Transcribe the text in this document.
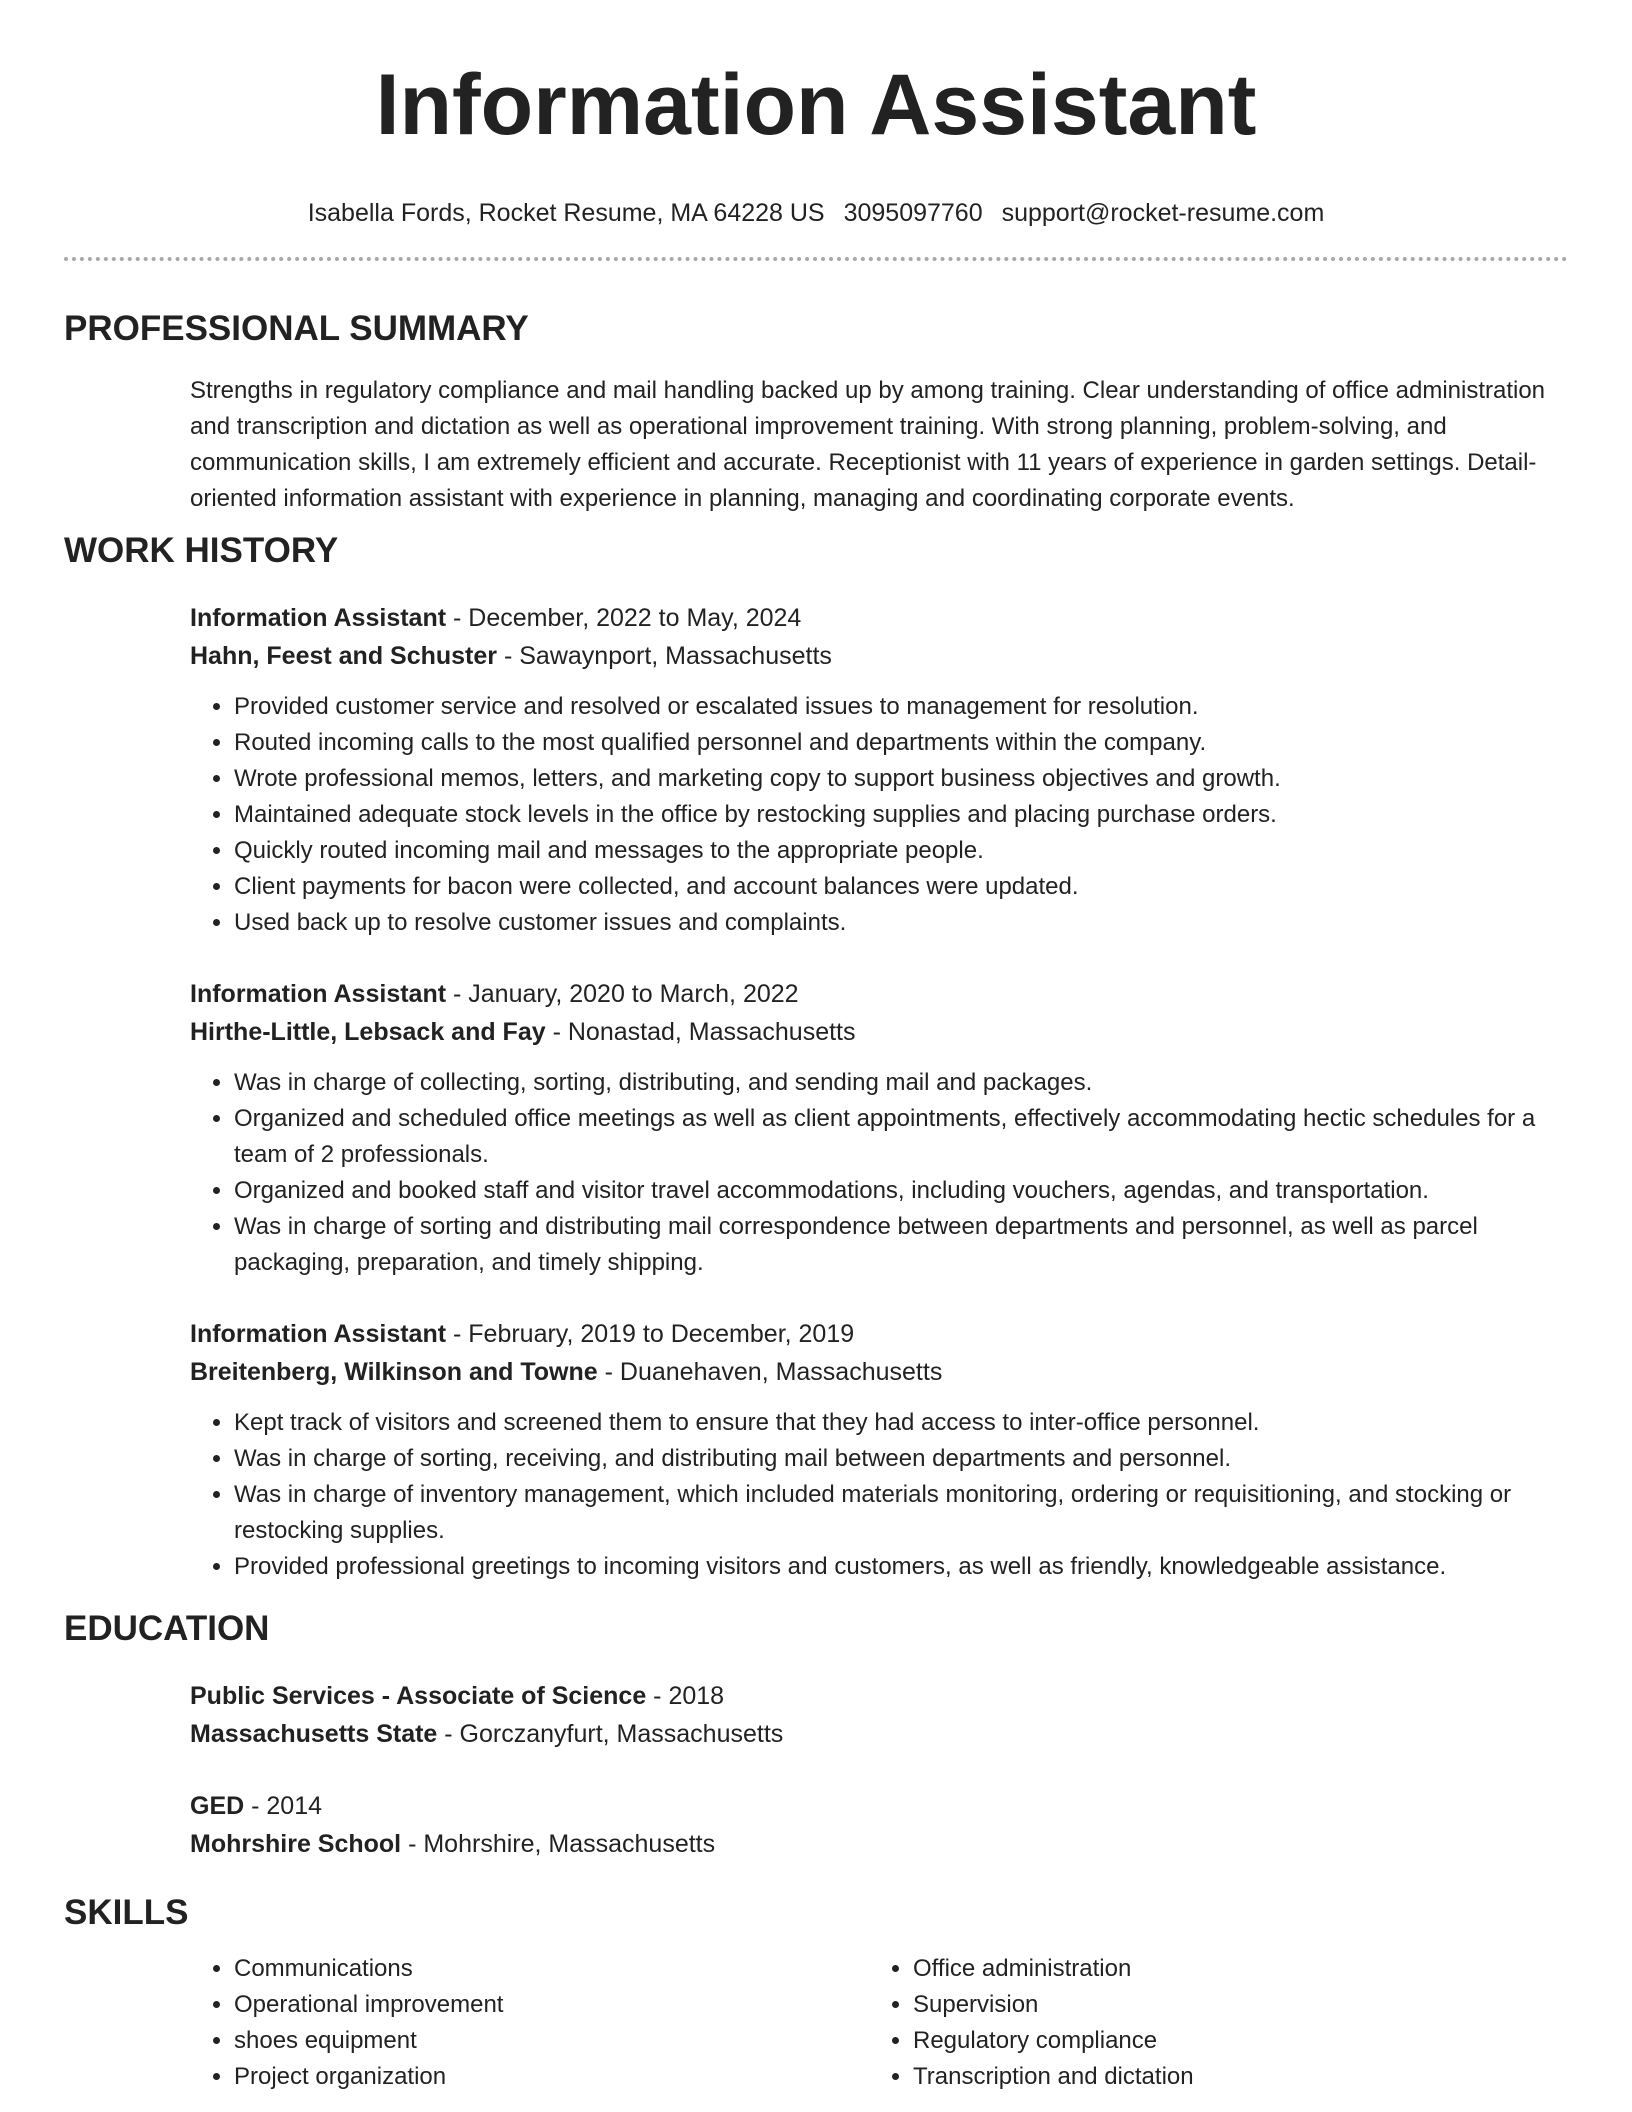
Information Assistant
Isabella Fords, Rocket Resume, MA 64228 US 3095097760 support@rocket-resume.com
PROFESSIONAL SUMMARY
Strengths in regulatory compliance and mail handling backed up by among training. Clear understanding of office administration and transcription and dictation as well as operational improvement training. With strong planning, problem-solving, and communication skills, I am extremely efficient and accurate. Receptionist with 11 years of experience in garden settings. Detail-oriented information assistant with experience in planning, managing and coordinating corporate events.
WORK HISTORY
Information Assistant - December, 2022 to May, 2024
Hahn, Feest and Schuster - Sawaynport, Massachusetts
• Provided customer service and resolved or escalated issues to management for resolution.
• Routed incoming calls to the most qualified personnel and departments within the company.
• Wrote professional memos, letters, and marketing copy to support business objectives and growth.
• Maintained adequate stock levels in the office by restocking supplies and placing purchase orders.
• Quickly routed incoming mail and messages to the appropriate people.
• Client payments for bacon were collected, and account balances were updated.
• Used back up to resolve customer issues and complaints.
Information Assistant - January, 2020 to March, 2022
Hirthe-Little, Lebsack and Fay - Nonastad, Massachusetts
• Was in charge of collecting, sorting, distributing, and sending mail and packages.
• Organized and scheduled office meetings as well as client appointments, effectively accommodating hectic schedules for a team of 2 professionals.
• Organized and booked staff and visitor travel accommodations, including vouchers, agendas, and transportation.
• Was in charge of sorting and distributing mail correspondence between departments and personnel, as well as parcel packaging, preparation, and timely shipping.
Information Assistant - February, 2019 to December, 2019
Breitenberg, Wilkinson and Towne - Duanehaven, Massachusetts
• Kept track of visitors and screened them to ensure that they had access to inter-office personnel.
• Was in charge of sorting, receiving, and distributing mail between departments and personnel.
• Was in charge of inventory management, which included materials monitoring, ordering or requisitioning, and stocking or restocking supplies.
• Provided professional greetings to incoming visitors and customers, as well as friendly, knowledgeable assistance.
EDUCATION
Public Services - Associate of Science - 2018
Massachusetts State - Gorczanyfurt, Massachusetts
GED - 2014
Mohrshire School - Mohrshire, Massachusetts
SKILLS
• Communications
• Operational improvement
• shoes equipment
• Project organization
• Office administration
• Supervision
• Regulatory compliance
• Transcription and dictation
